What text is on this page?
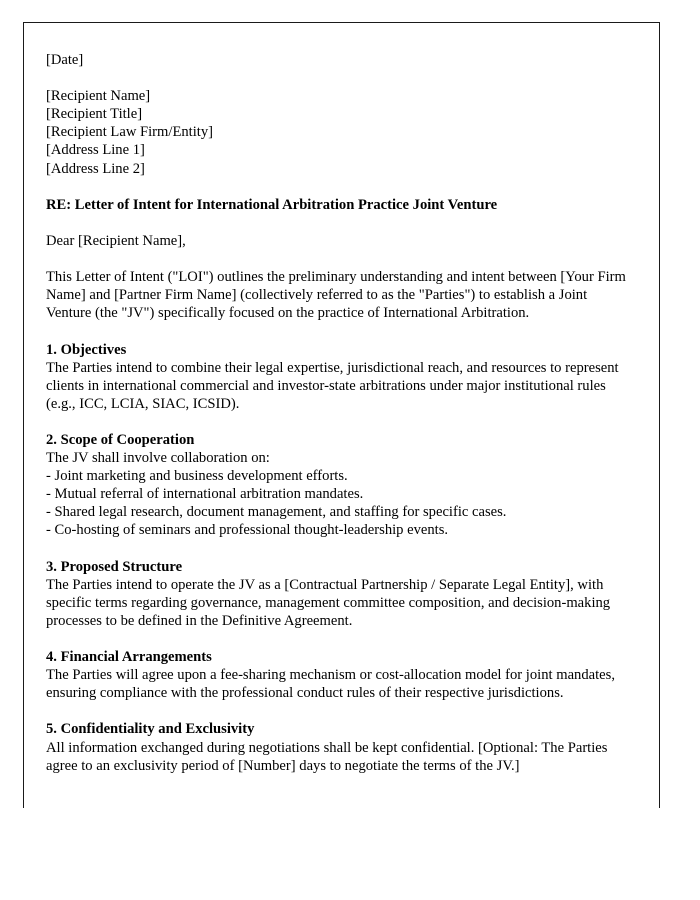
[Date]
[Recipient Name]
[Recipient Title]
[Recipient Law Firm/Entity]
[Address Line 1]
[Address Line 2]
RE: Letter of Intent for International Arbitration Practice Joint Venture
Dear [Recipient Name],

This Letter of Intent ("LOI") outlines the preliminary understanding and intent between [Your Firm Name] and [Partner Firm Name] (collectively referred to as the "Parties") to establish a Joint Venture (the "JV") specifically focused on the practice of International Arbitration.

1. Objectives

The Parties intend to combine their legal expertise, jurisdictional reach, and resources to represent clients in international commercial and investor-state arbitrations under major institutional rules (e.g., ICC, LCIA, SIAC, ICSID).

2. Scope of Cooperation

The JV shall involve collaboration on:

- Joint marketing and business development efforts.
- Mutual referral of international arbitration mandates.
- Shared legal research, document management, and staffing for specific cases.
- Co-hosting of seminars and professional thought-leadership events.
3. Proposed Structure

The Parties intend to operate the JV as a [Contractual Partnership / Separate Legal Entity], with specific terms regarding governance, management committee composition, and decision-making processes to be defined in the Definitive Agreement.

4. Financial Arrangements

The Parties will agree upon a fee-sharing mechanism or cost-allocation model for joint mandates, ensuring compliance with the professional conduct rules of their respective jurisdictions.

5. Confidentiality and Exclusivity

All information exchanged during negotiations shall be kept confidential. [Optional: The Parties agree to an exclusivity period of [Number] days to negotiate the terms of the JV.]
